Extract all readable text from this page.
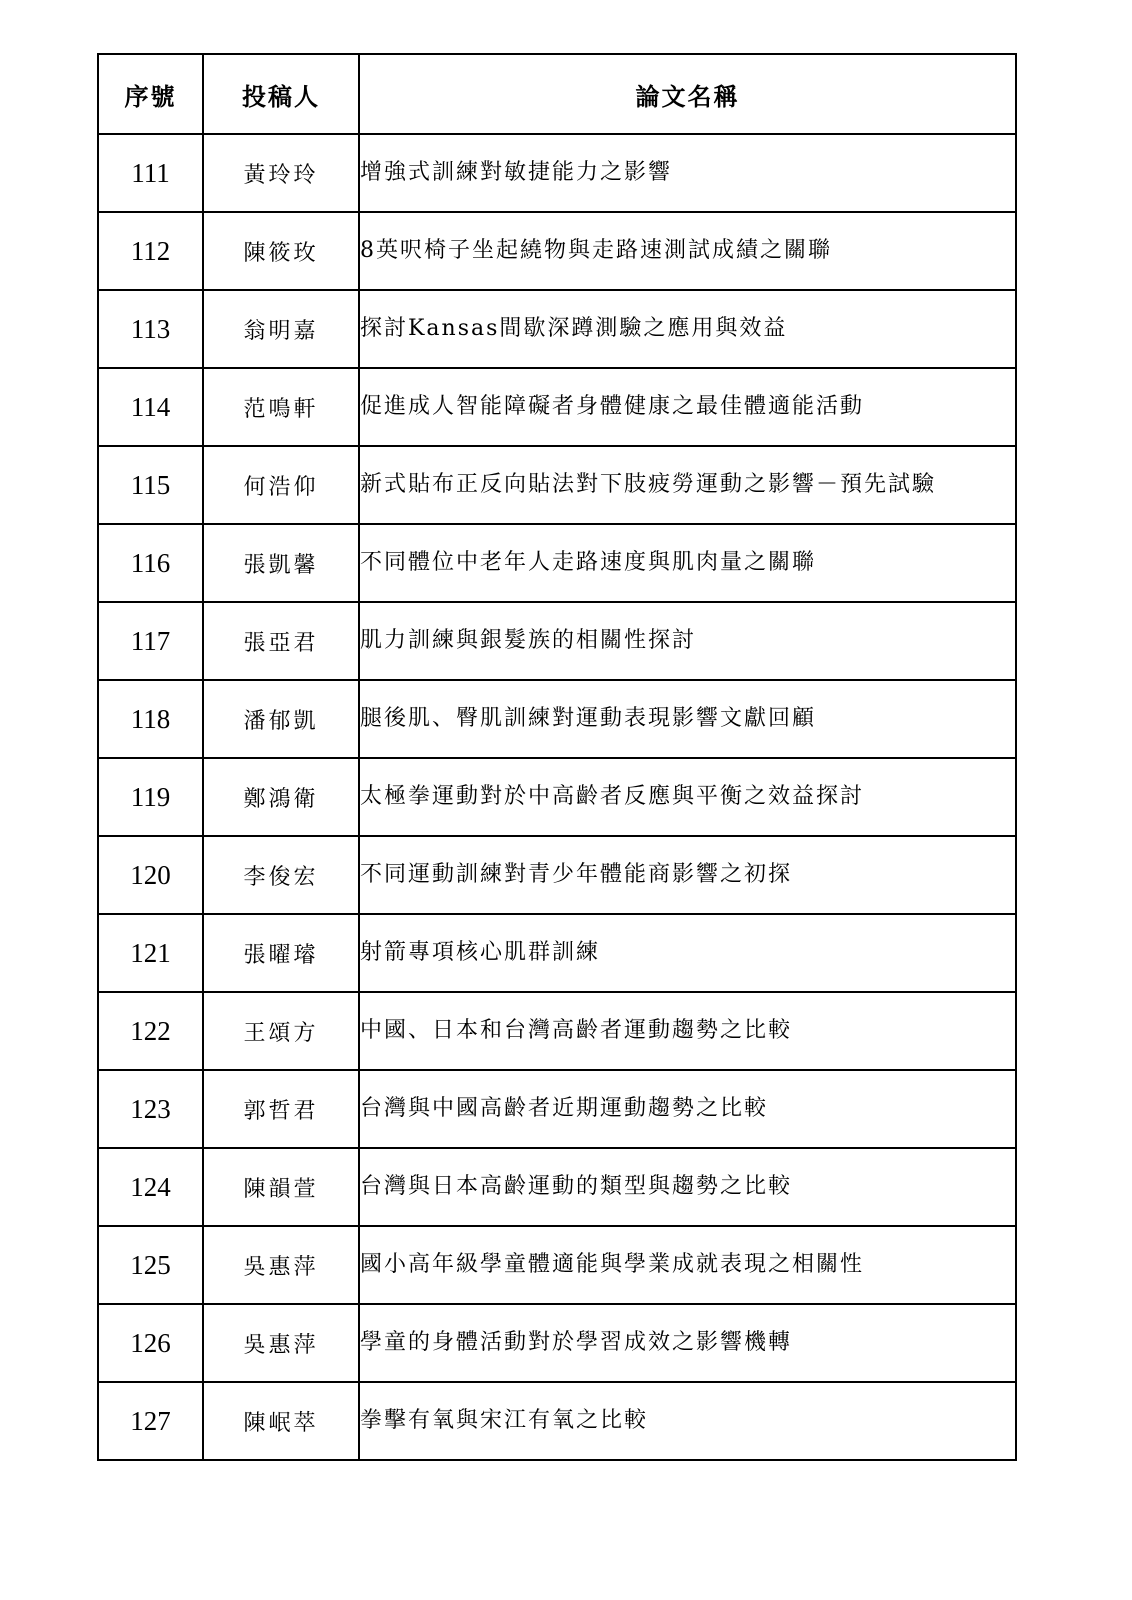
序號	投稿人	論文名稱
111	黃玲玲	增強式訓練對敏捷能力之影響
112	陳筱玫	8英呎椅子坐起繞物與走路速測試成績之關聯
113	翁明嘉	探討Kansas間歇深蹲測驗之應用與效益
114	范鳴軒	促進成人智能障礙者身體健康之最佳體適能活動
115	何浩仰	新式貼布正反向貼法對下肢疲勞運動之影響－預先試驗
116	張凱馨	不同體位中老年人走路速度與肌肉量之關聯
117	張亞君	肌力訓練與銀髮族的相關性探討
118	潘郁凱	腿後肌、臀肌訓練對運動表現影響文獻回顧
119	鄭鴻衛	太極拳運動對於中高齡者反應與平衡之效益探討
120	李俊宏	不同運動訓練對青少年體能商影響之初探
121	張曜璿	射箭專項核心肌群訓練
122	王頌方	中國、日本和台灣高齡者運動趨勢之比較
123	郭哲君	台灣與中國高齡者近期運動趨勢之比較
124	陳韻萱	台灣與日本高齡運動的類型與趨勢之比較
125	吳惠萍	國小高年級學童體適能與學業成就表現之相關性
126	吳惠萍	學童的身體活動對於學習成效之影響機轉
127	陳岷萃	拳擊有氧與宋江有氧之比較
